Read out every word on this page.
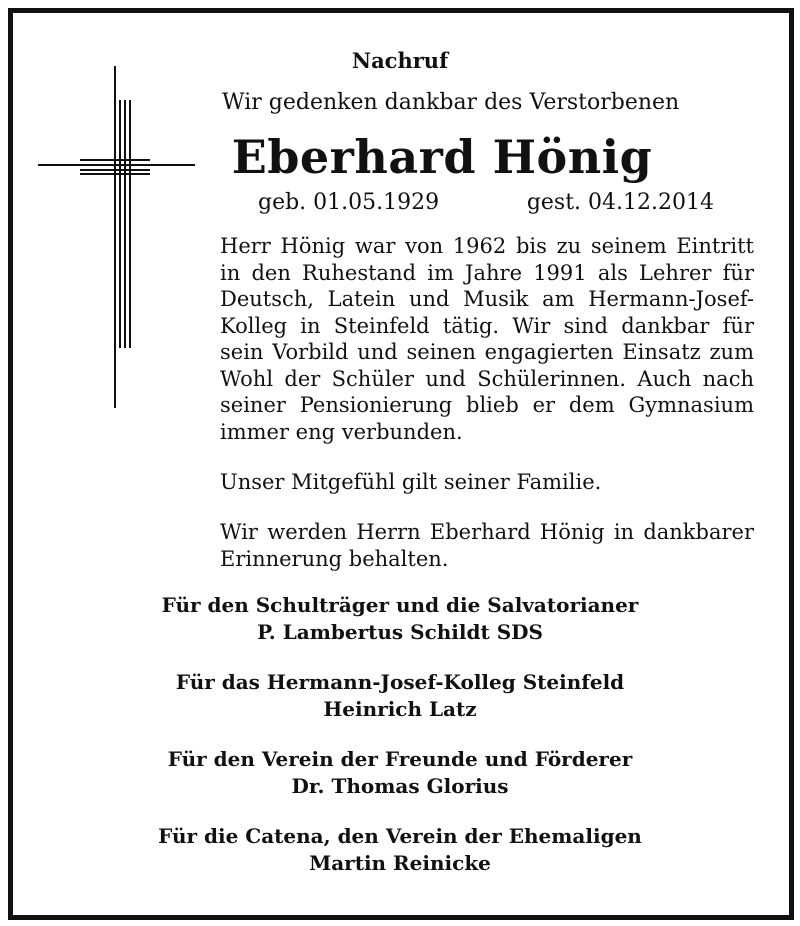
Nachruf
Wir gedenken dankbar des Verstorbenen
Eberhard Hönig
geb. 01.05.1929	gest. 04.12.2014
Herr Hönig war von 1962 bis zu seinem Eintritt in den Ruhestand im Jahre 1991 als Lehrer für Deutsch, Latein und Musik am Hermann-Josef-Kolleg in Steinfeld tätig. Wir sind dankbar für sein Vorbild und seinen engagierten Einsatz zum Wohl der Schüler und Schülerinnen. Auch nach seiner Pensionierung blieb er dem Gymnasium immer eng verbunden.
Unser Mitgefühl gilt seiner Familie.
Wir werden Herrn Eberhard Hönig in dankbarer Erinnerung behalten.
Für den Schulträger und die Salvatorianer
P. Lambertus Schildt SDS
Für das Hermann-Josef-Kolleg Steinfeld
Heinrich Latz
Für den Verein der Freunde und Förderer
Dr. Thomas Glorius
Für die Catena, den Verein der Ehemaligen
Martin Reinicke
